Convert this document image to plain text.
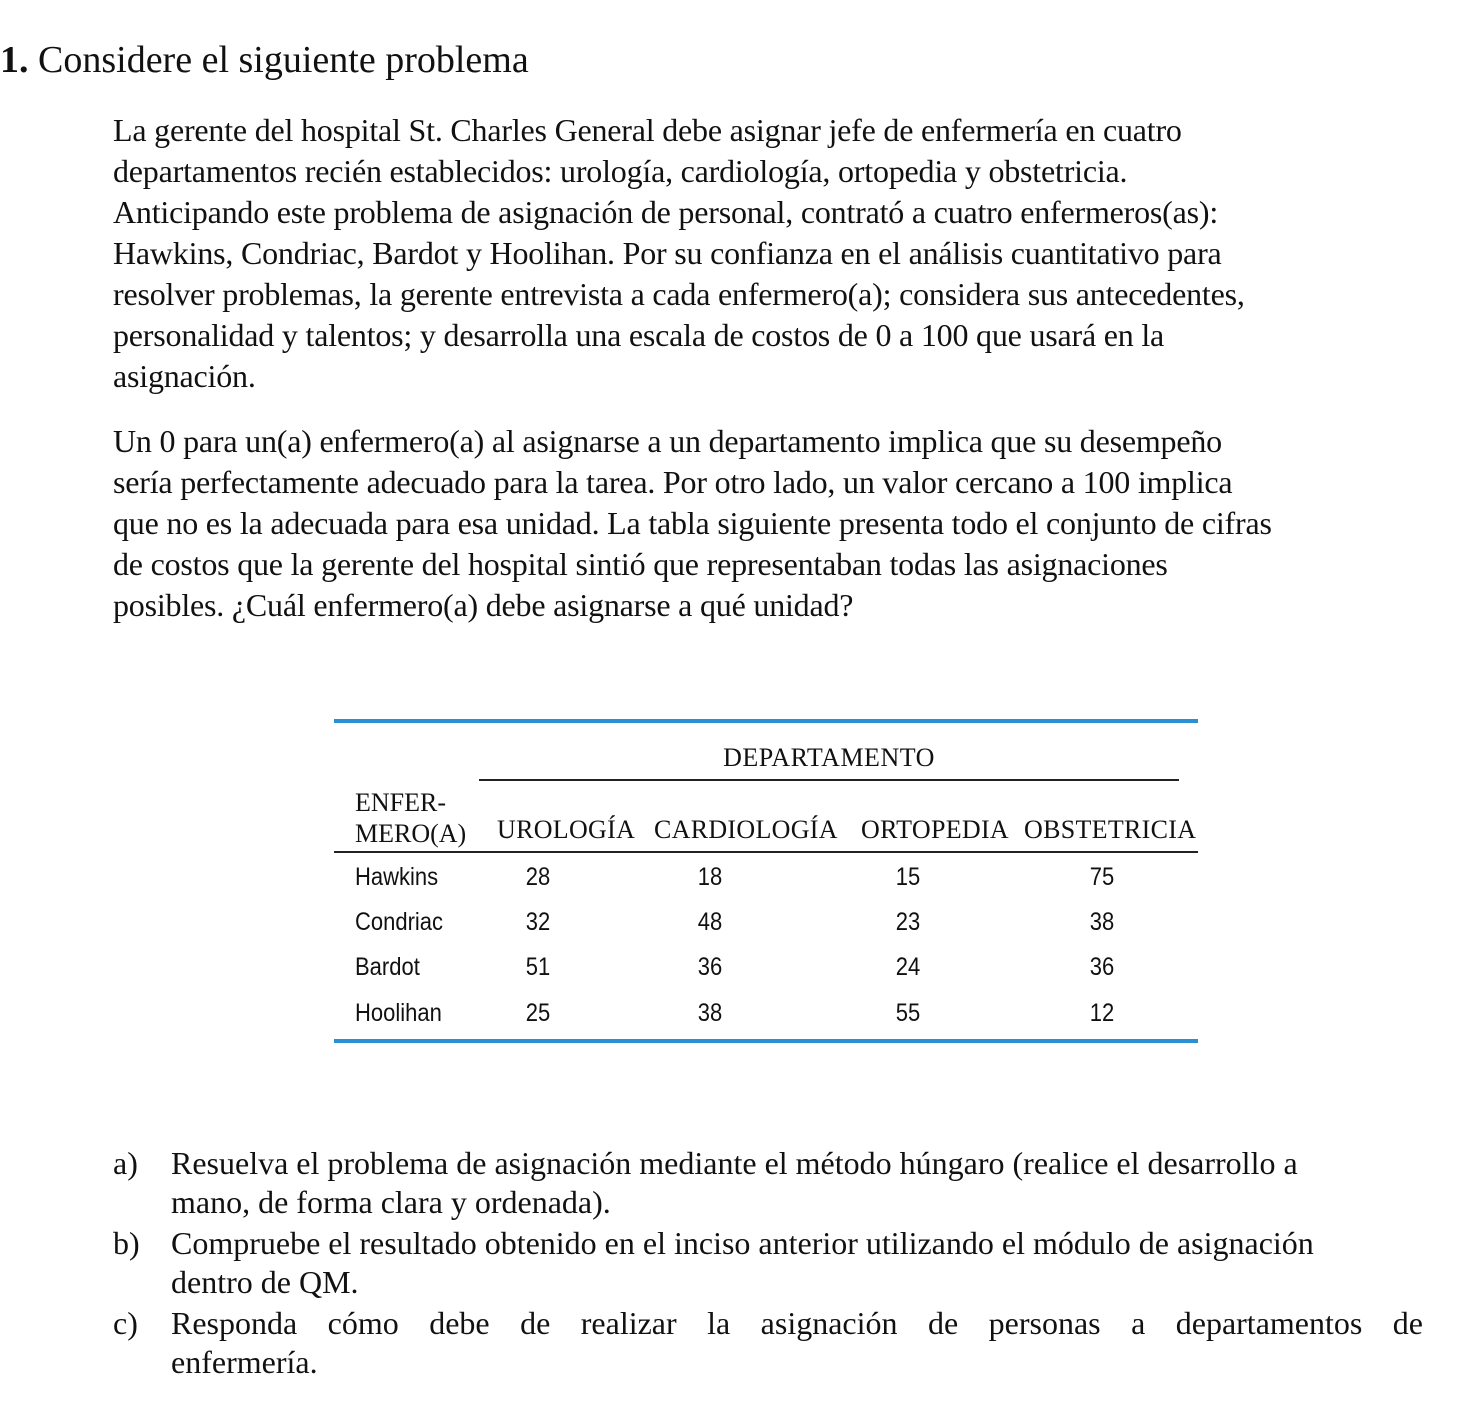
1. Considere el siguiente problema
La gerente del hospital St. Charles General debe asignar jefe de enfermería en cuatro
departamentos recién establecidos: urología, cardiología, ortopedia y obstetricia.
Anticipando este problema de asignación de personal, contrató a cuatro enfermeros(as):
Hawkins, Condriac, Bardot y Hoolihan. Por su confianza en el análisis cuantitativo para
resolver problemas, la gerente entrevista a cada enfermero(a); considera sus antecedentes,
personalidad y talentos; y desarrolla una escala de costos de 0 a 100 que usará en la
asignación.
Un 0 para un(a) enfermero(a) al asignarse a un departamento implica que su desempeño
sería perfectamente adecuado para la tarea. Por otro lado, un valor cercano a 100 implica
que no es la adecuada para esa unidad. La tabla siguiente presenta todo el conjunto de cifras
de costos que la gerente del hospital sintió que representaban todas las asignaciones
posibles. ¿Cuál enfermero(a) debe asignarse a qué unidad?
DEPARTAMENTO
ENFER-
MERO(A) UROLOGÍA CARDIOLOGÍA ORTOPEDIA OBSTETRICIA
Hawkins	28	18	15	75
Condriac	32	48	23	38
Bardot	51	36	24	36
Hoolihan	25	38	55	12
a) Resuelva el problema de asignación mediante el método húngaro (realice el desarrollo a
mano, de forma clara y ordenada).
b) Compruebe el resultado obtenido en el inciso anterior utilizando el módulo de asignación
dentro de QM.
c) Responda cómo debe de realizar la asignación de personas a departamentos de
enfermería.
